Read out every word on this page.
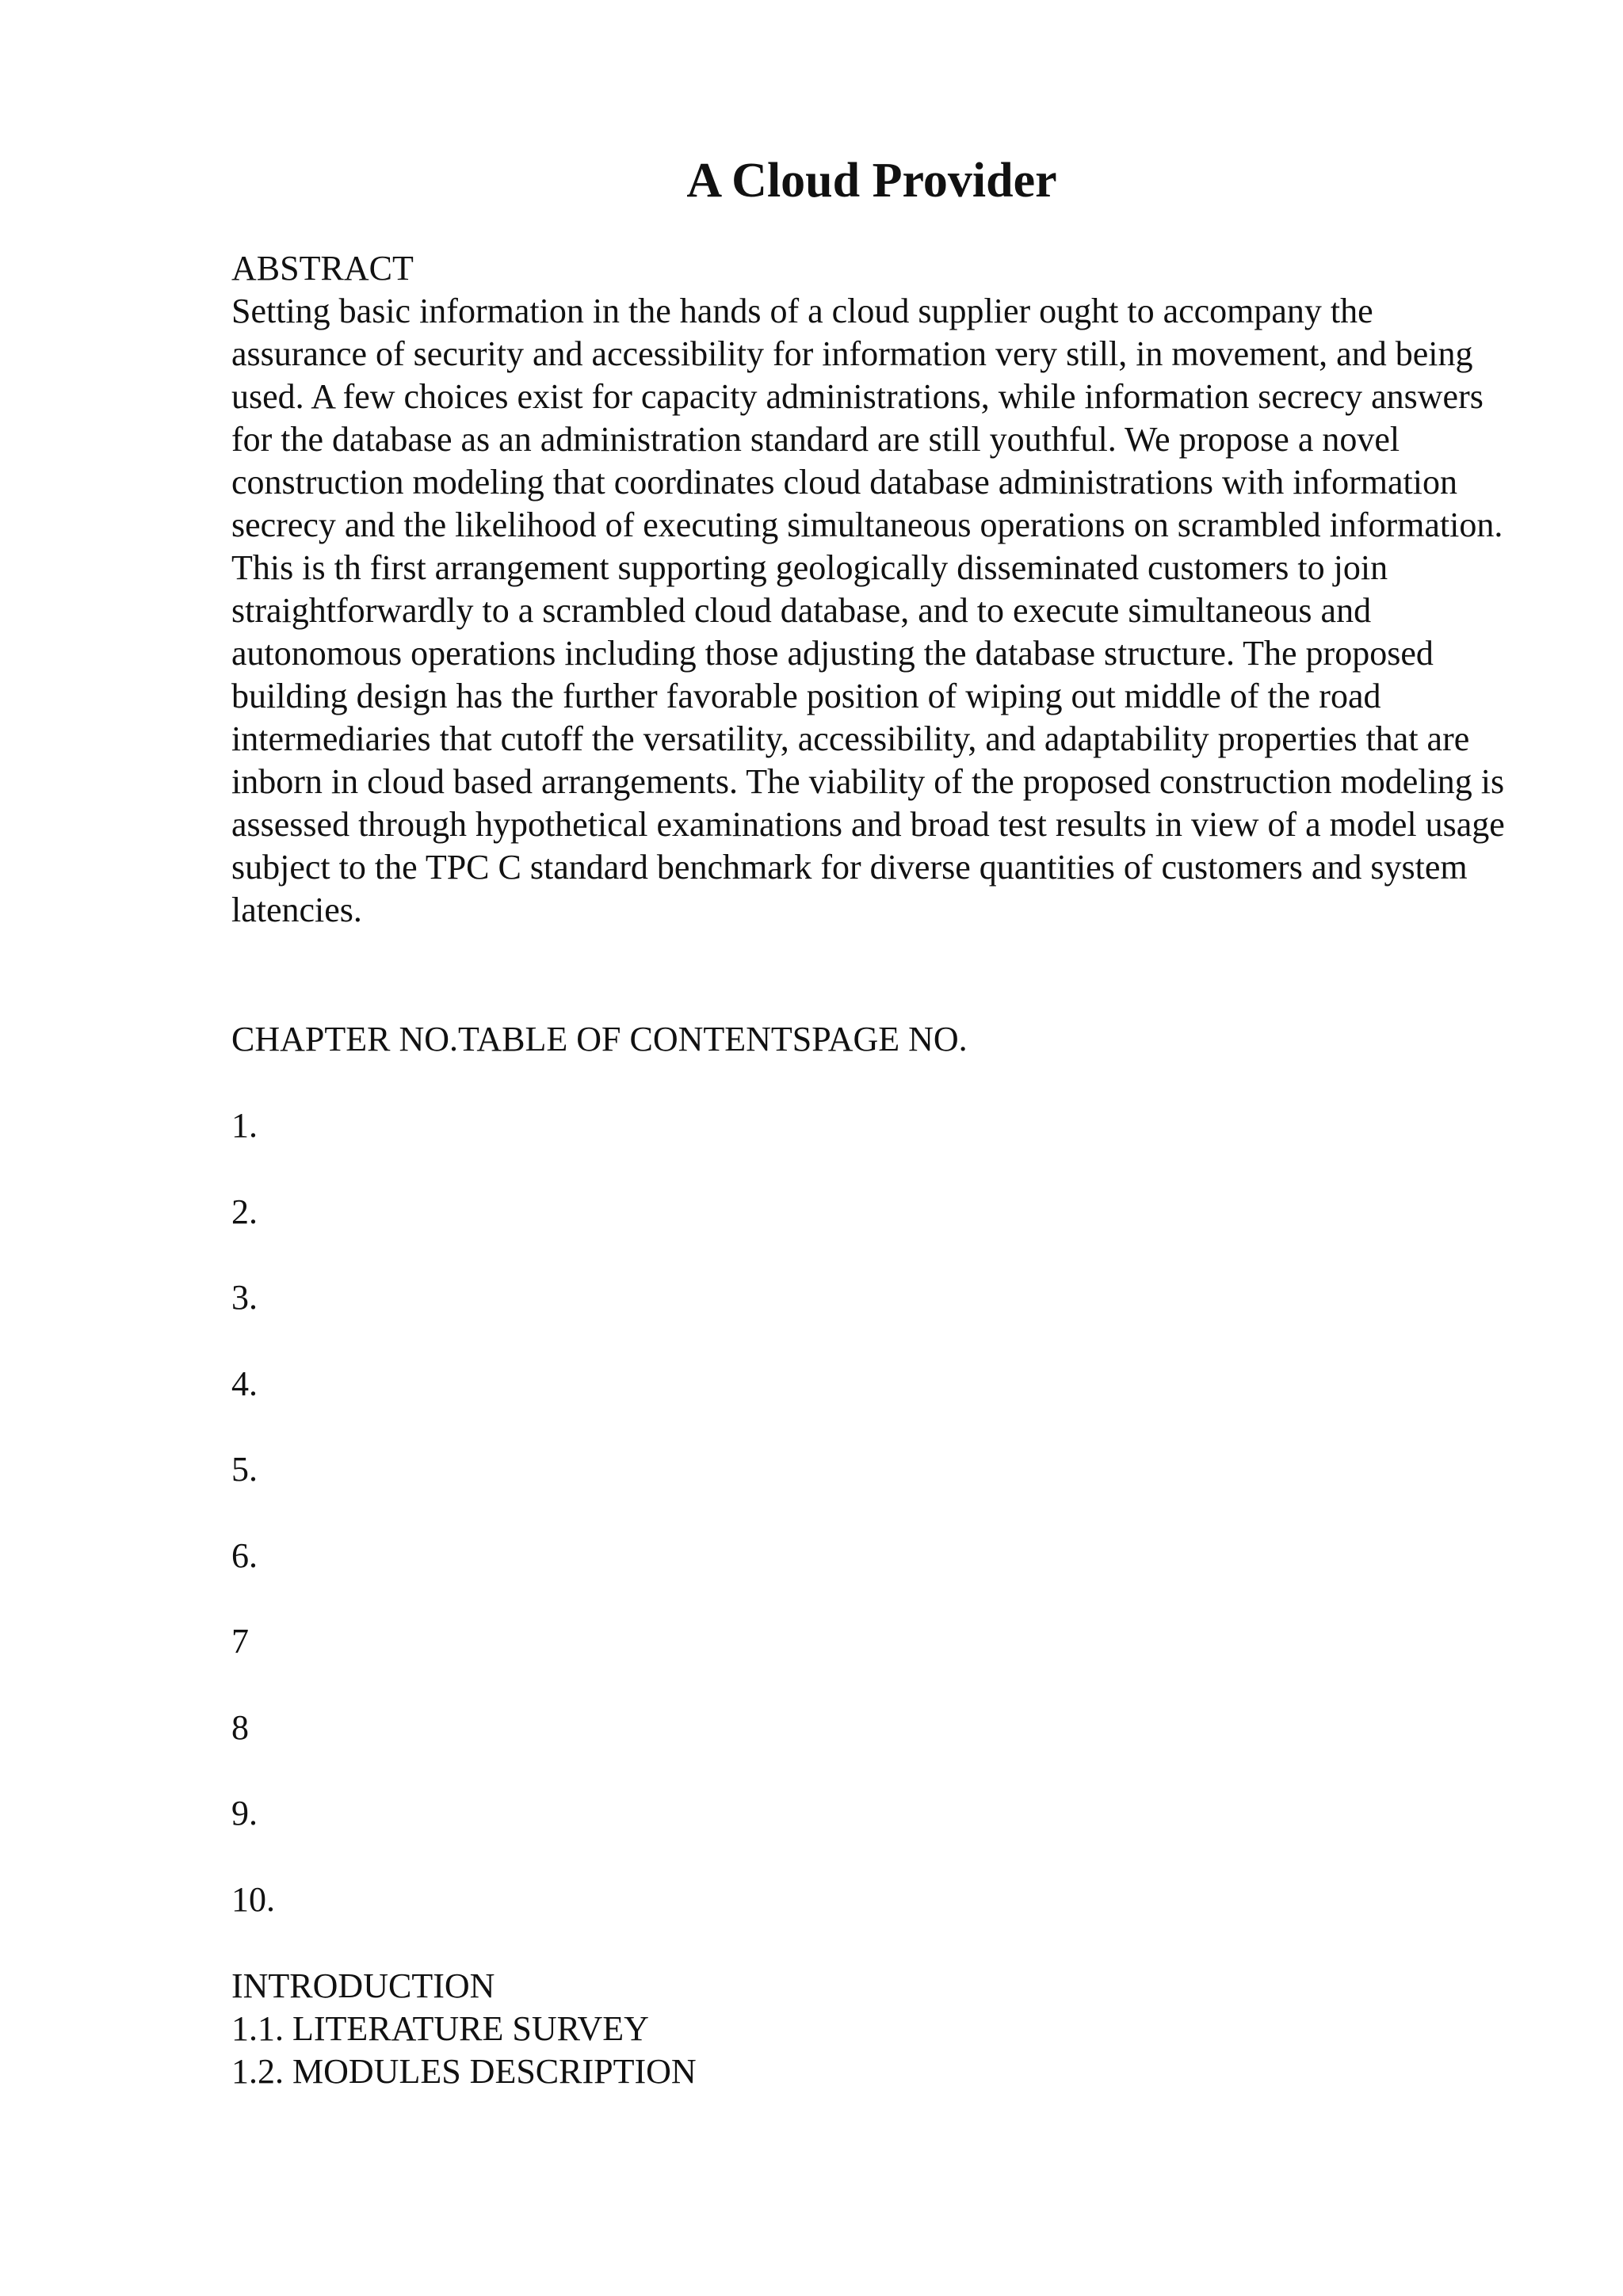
A Cloud Provider
ABSTRACT

Setting basic information in the hands of a cloud supplier ought to accompany the assurance of security and accessibility for information very still, in movement, and being used. A few choices exist for capacity administrations, while information secrecy answers for the database as an administration standard are still youthful. We propose a novel construction modeling that coordinates cloud database administrations with information secrecy and the likelihood of executing simultaneous operations on scrambled information. This is th first arrangement supporting geologically disseminated customers to join straightforwardly to a scrambled cloud database, and to execute simultaneous and autonomous operations including those adjusting the database structure. The proposed building design has the further favorable position of wiping out middle of the road intermediaries that cutoff the versatility, accessibility, and adaptability properties that are inborn in cloud based arrangements. The viability of the proposed construction modeling is assessed through hypothetical examinations and broad test results in view of a model usage subject to the TPC C standard benchmark for diverse quantities of customers and system latencies.

CHAPTER NO.TABLE OF CONTENTSPAGE NO.
1.
2.
3.
4.
5.
6.
7
8
9.
10.
INTRODUCTION
1.1. LITERATURE SURVEY
1.2. MODULES DESCRIPTION
